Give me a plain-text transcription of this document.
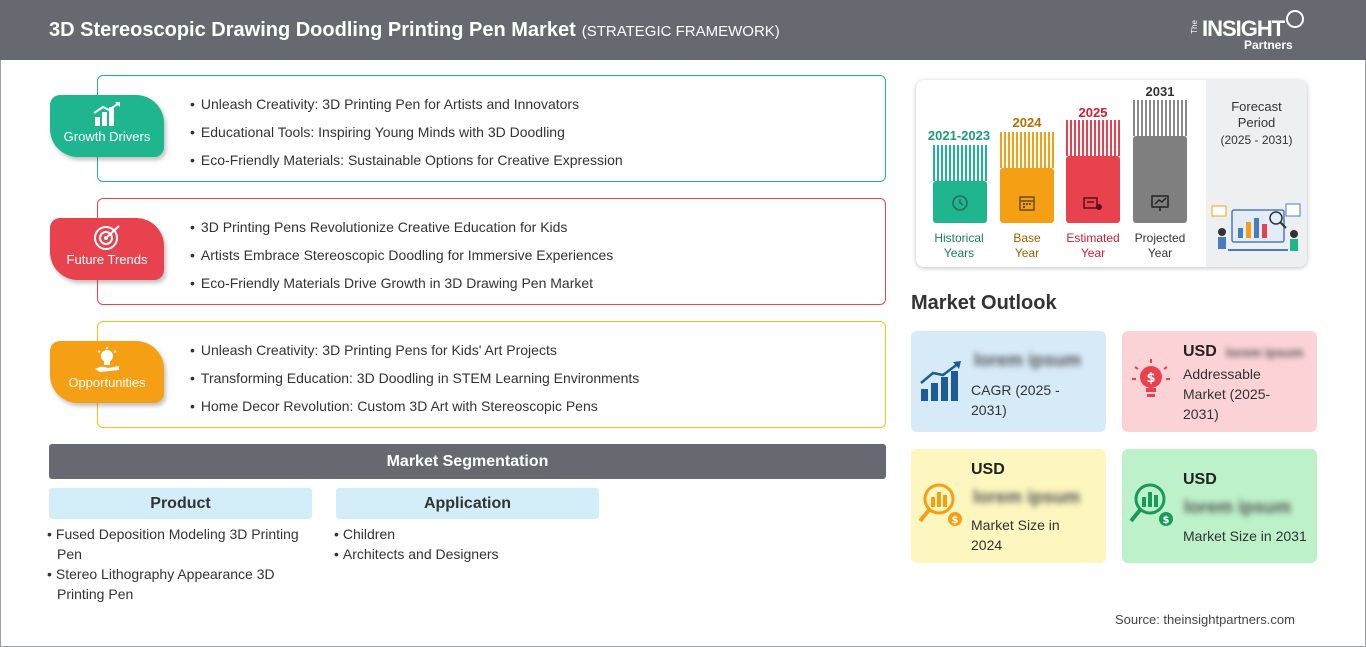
3D Stereoscopic Drawing Doodling Printing Pen Market (STRATEGIC FRAMEWORK)	The INSIGHT
Partners
• Unleash Creativity: 3D Printing Pen for Artists and Innovators
• Educational Tools: Inspiring Young Minds with 3D Doodling
• Eco-Friendly Materials: Sustainable Options for Creative Expression
Growth Drivers
• 3D Printing Pens Revolutionize Creative Education for Kids
• Artists Embrace Stereoscopic Doodling for Immersive Experiences
• Eco-Friendly Materials Drive Growth in 3D Drawing Pen Market
Future Trends
• Unleash Creativity: 3D Printing Pens for Kids' Art Projects
• Transforming Education: 3D Doodling in STEM Learning Environments
• Home Decor Revolution: Custom 3D Art with Stereoscopic Pens
Opportunities
Market Segmentation
Product	Application
• Fused Deposition Modeling 3D Printing Pen
• Stereo Lithography Appearance 3D Printing Pen
• Children
• Architects and Designers
2021-2023
Historical
Years
2024
Base
Year
2025
Estimated
Year
2031
Projected
Year
Forecast
Period
(2025 - 2031)
Market Outlook
lorem ipsum
CAGR (2025 -
2031)
$
USD lorem ipsum
Addressable
Market (2025-
2031)
$
USD
lorem ipsum
Market Size in
2024
$
USD
lorem ipsum
Market Size in 2031
Source: theinsightpartners.com
